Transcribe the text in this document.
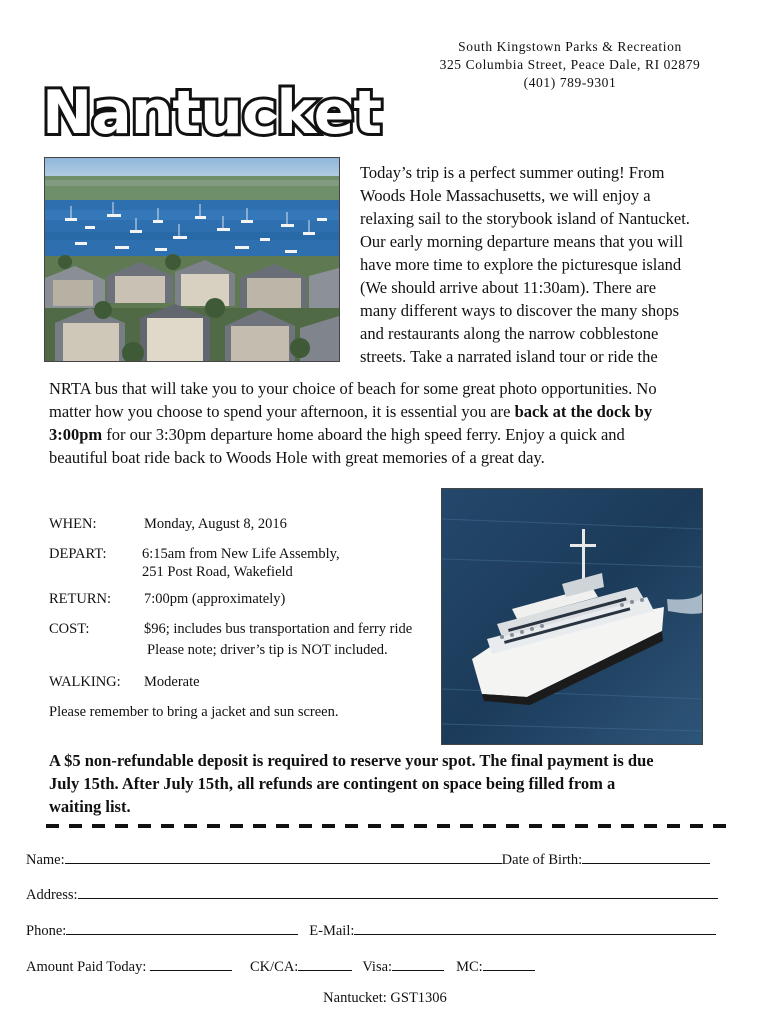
South Kingstown Parks & Recreation
325 Columbia Street, Peace Dale, RI 02879
(401) 789-9301
Nantucket

Today’s trip is a perfect summer outing! From

Woods Hole Massachusetts, we will enjoy a

relaxing sail to the storybook island of Nantucket.

Our early morning departure means that you will

have more time to explore the picturesque island

(We should arrive about 11:30am). There are

many different ways to discover the many shops

and restaurants along the narrow cobblestone

streets. Take a narrated island tour or ride the

NRTA bus that will take you to your choice of beach for some great photo opportunities. No

matter how you choose to spend your afternoon, it is essential you are back at the dock by

3:00pm for our 3:30pm departure home aboard the high speed ferry. Enjoy a quick and

beautiful boat ride back to Woods Hole with great memories of a great day.

WHEN:	Monday, August 8, 2016
DEPART: 6:15am from New Life Assembly,
251 Post Road, Wakefield
RETURN: 7:00pm (approximately)
COST:	$96; includes bus transportation and ferry ride
Please note; driver’s tip is NOT included.
WALKING: Moderate
Please remember to bring a jacket and sun screen.

A $5 non-refundable deposit is required to reserve your spot. The final payment is due

July 15th. After July 15th, all refunds are contingent on space being filled from a

waiting list.

Name:	Date of Birth:
Address:
Phone:	E-Mail:
Amount Paid Today:	CK/CA:	Visa:	MC:
Nantucket: GST1306
